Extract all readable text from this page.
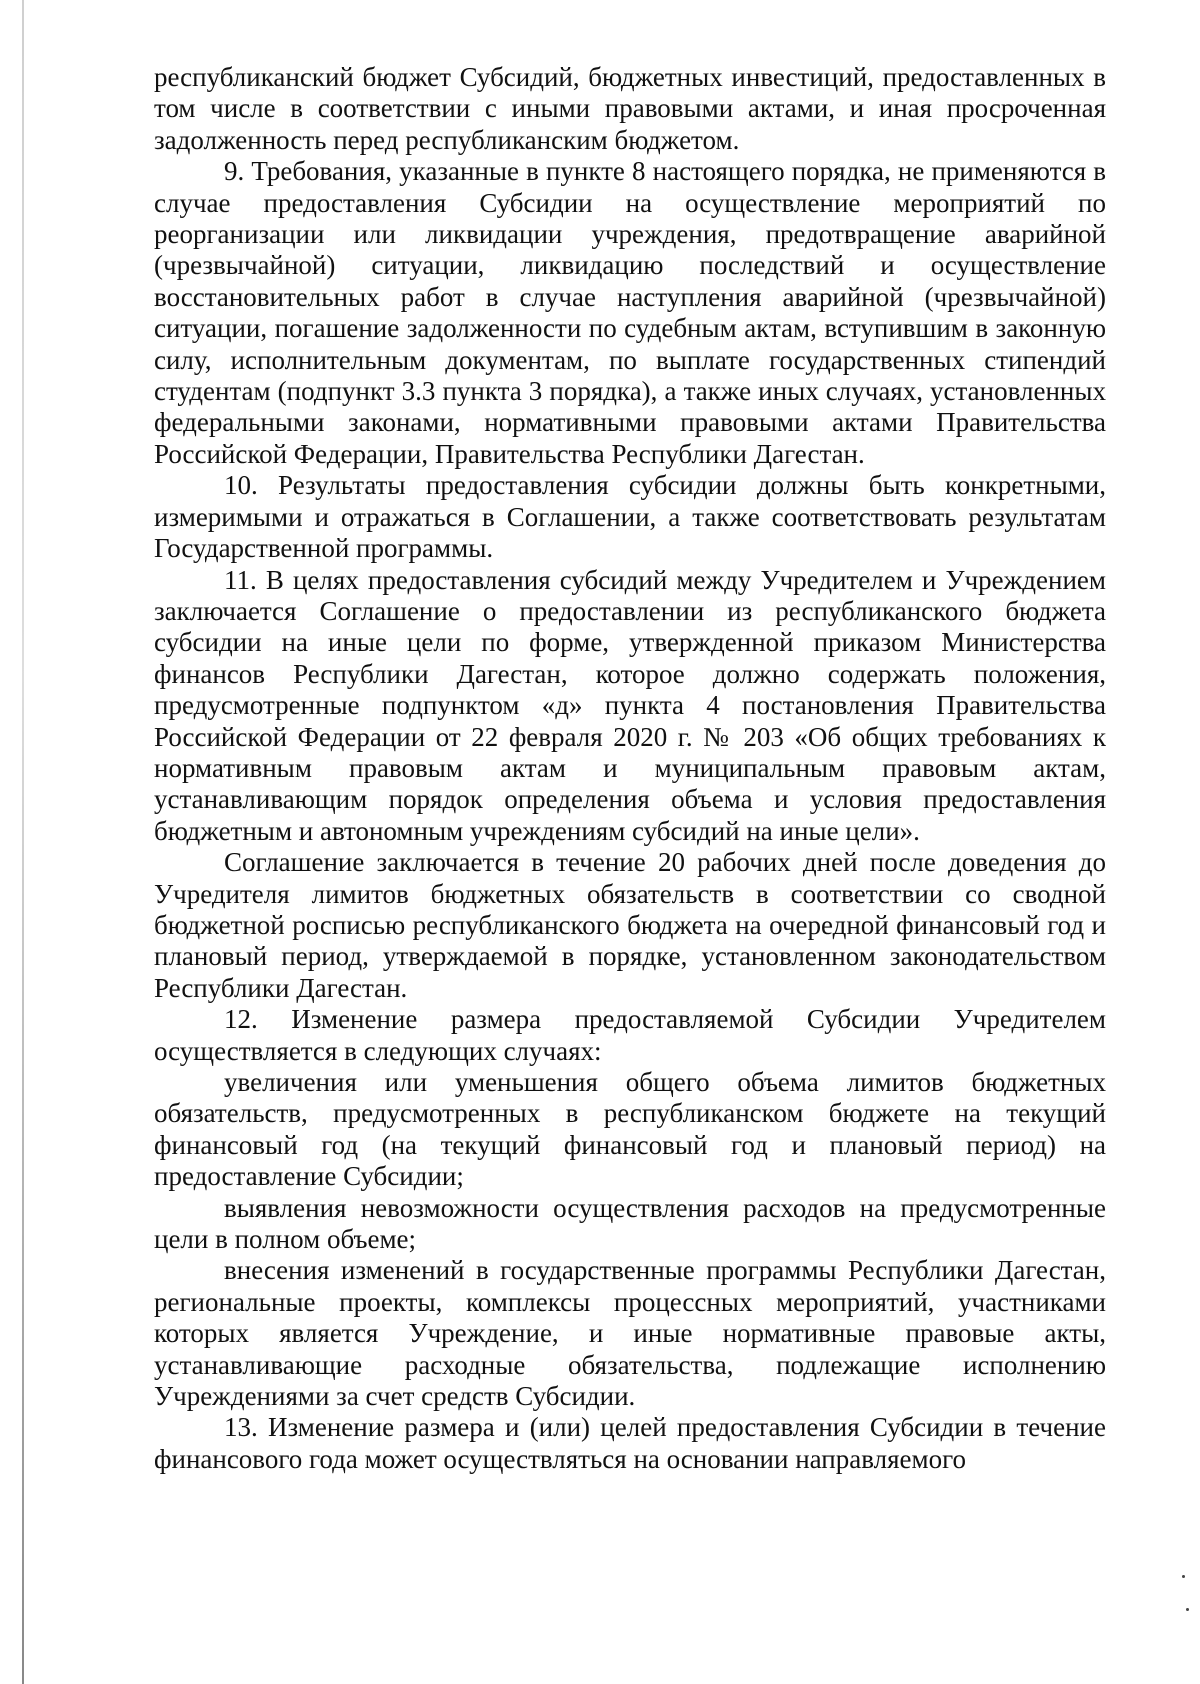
республиканский бюджет Субсидий, бюджетных инвестиций, предоставленных в том числе в соответствии с иными правовыми актами, и иная просроченная задолженность перед республиканским бюджетом.

9. Требования, указанные в пункте 8 настоящего порядка, не применяются в случае предоставления Субсидии на осуществление мероприятий по реорганизации или ликвидации учреждения, предотвращение аварийной (чрезвычайной) ситуации, ликвидацию последствий и осуществление восстановительных работ в случае наступления аварийной (чрезвычайной) ситуации, погашение задолженности по судебным актам, вступившим в законную силу, исполнительным документам, по выплате государственных стипендий студентам (подпункт 3.3 пункта 3 порядка), а также иных случаях, установленных федеральными законами, нормативными правовыми актами Правительства Российской Федерации, Правительства Республики Дагестан.

10. Результаты предоставления субсидии должны быть конкретными, измеримыми и отражаться в Соглашении, а также соответствовать результатам Государственной программы.

11. В целях предоставления субсидий между Учредителем и Учреждением заключается Соглашение о предоставлении из республиканского бюджета субсидии на иные цели по форме, утвержденной приказом Министерства финансов Республики Дагестан, которое должно содержать положения, предусмотренные подпунктом «д» пункта 4 постановления Правительства Российской Федерации от 22 февраля 2020 г. № 203 «Об общих требованиях к нормативным правовым актам и муниципальным правовым актам, устанавливающим порядок определения объема и условия предоставления бюджетным и автономным учреждениям субсидий на иные цели».

Соглашение заключается в течение 20 рабочих дней после доведения до Учредителя лимитов бюджетных обязательств в соответствии со сводной бюджетной росписью республиканского бюджета на очередной финансовый год и плановый период, утверждаемой в порядке, установленном законодательством Республики Дагестан.

12. Изменение размера предоставляемой Субсидии Учредителем осуществляется в следующих случаях:

увеличения или уменьшения общего объема лимитов бюджетных обязательств, предусмотренных в республиканском бюджете на текущий финансовый год (на текущий финансовый год и плановый период) на предоставление Субсидии;

выявления невозможности осуществления расходов на предусмотренные цели в полном объеме;

внесения изменений в государственные программы Республики Дагестан, региональные проекты, комплексы процессных мероприятий, участниками которых является Учреждение, и иные нормативные правовые акты, устанавливающие расходные обязательства, подлежащие исполнению Учреждениями за счет средств Субсидии.

13. Изменение размера и (или) целей предоставления Субсидии в течение финансового года может осуществляться на основании направляемого
